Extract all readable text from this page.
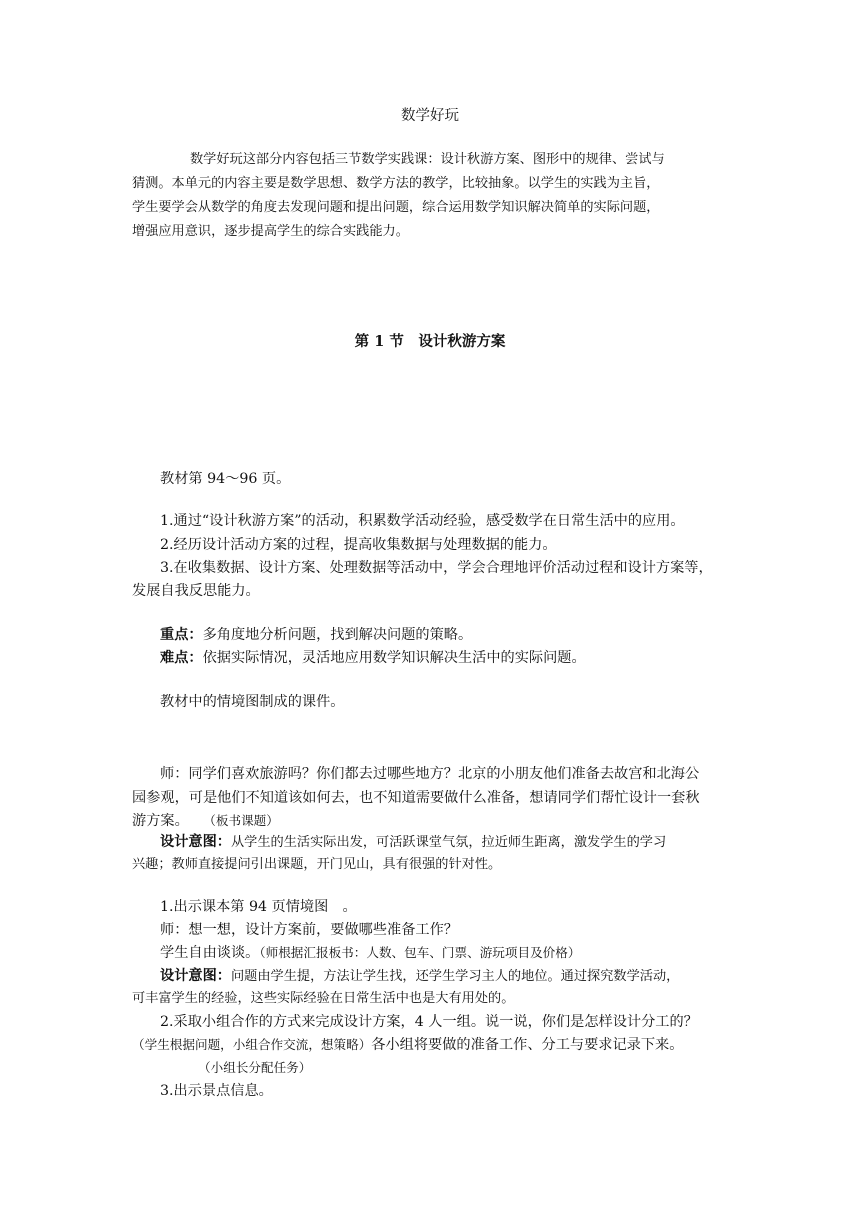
数学好玩
数学好玩这部分内容包括三节数学实践课：设计秋游方案、图形中的规律、尝试与
猜测。本单元的内容主要是数学思想、数学方法的教学，比较抽象。以学生的实践为主旨，
学生要学会从数学的角度去发现问题和提出问题，综合运用数学知识解决简单的实际问题，
增强应用意识，逐步提高学生的综合实践能力。
第 1 节　设计秋游方案
教材第 94～96 页。
1.通过“设计秋游方案”的活动，积累数学活动经验，感受数学在日常生活中的应用。
2.经历设计活动方案的过程，提高收集数据与处理数据的能力。
3.在收集数据、设计方案、处理数据等活动中，学会合理地评价活动过程和设计方案等，
发展自我反思能力。
重点：多角度地分析问题，找到解决问题的策略。
难点：依据实际情况，灵活地应用数学知识解决生活中的实际问题。
教材中的情境图制成的课件。
师：同学们喜欢旅游吗？你们都去过哪些地方？北京的小朋友他们准备去故宫和北海公
园参观，可是他们不知道该如何去，也不知道需要做什么准备，想请同学们帮忙设计一套秋
游方案。 （板书课题）
设计意图：从学生的生活实际出发，可活跃课堂气氛，拉近师生距离，激发学生的学习
兴趣；教师直接提问引出课题，开门见山，具有很强的针对性。
1.出示课本第 94 页情境图　。
师：想一想，设计方案前，要做哪些准备工作？
学生自由谈谈。（师根据汇报板书：人数、包车、门票、游玩项目及价格）
设计意图：问题由学生提，方法让学生找，还学生学习主人的地位。通过探究数学活动，
可丰富学生的经验，这些实际经验在日常生活中也是大有用处的。
2.采取小组合作的方式来完成设计方案，4 人一组。说一说，你们是怎样设计分工的？
（学生根据问题，小组合作交流，想策略）各小组将要做的准备工作、分工与要求记录下来。
（小组长分配任务）
3.出示景点信息。
